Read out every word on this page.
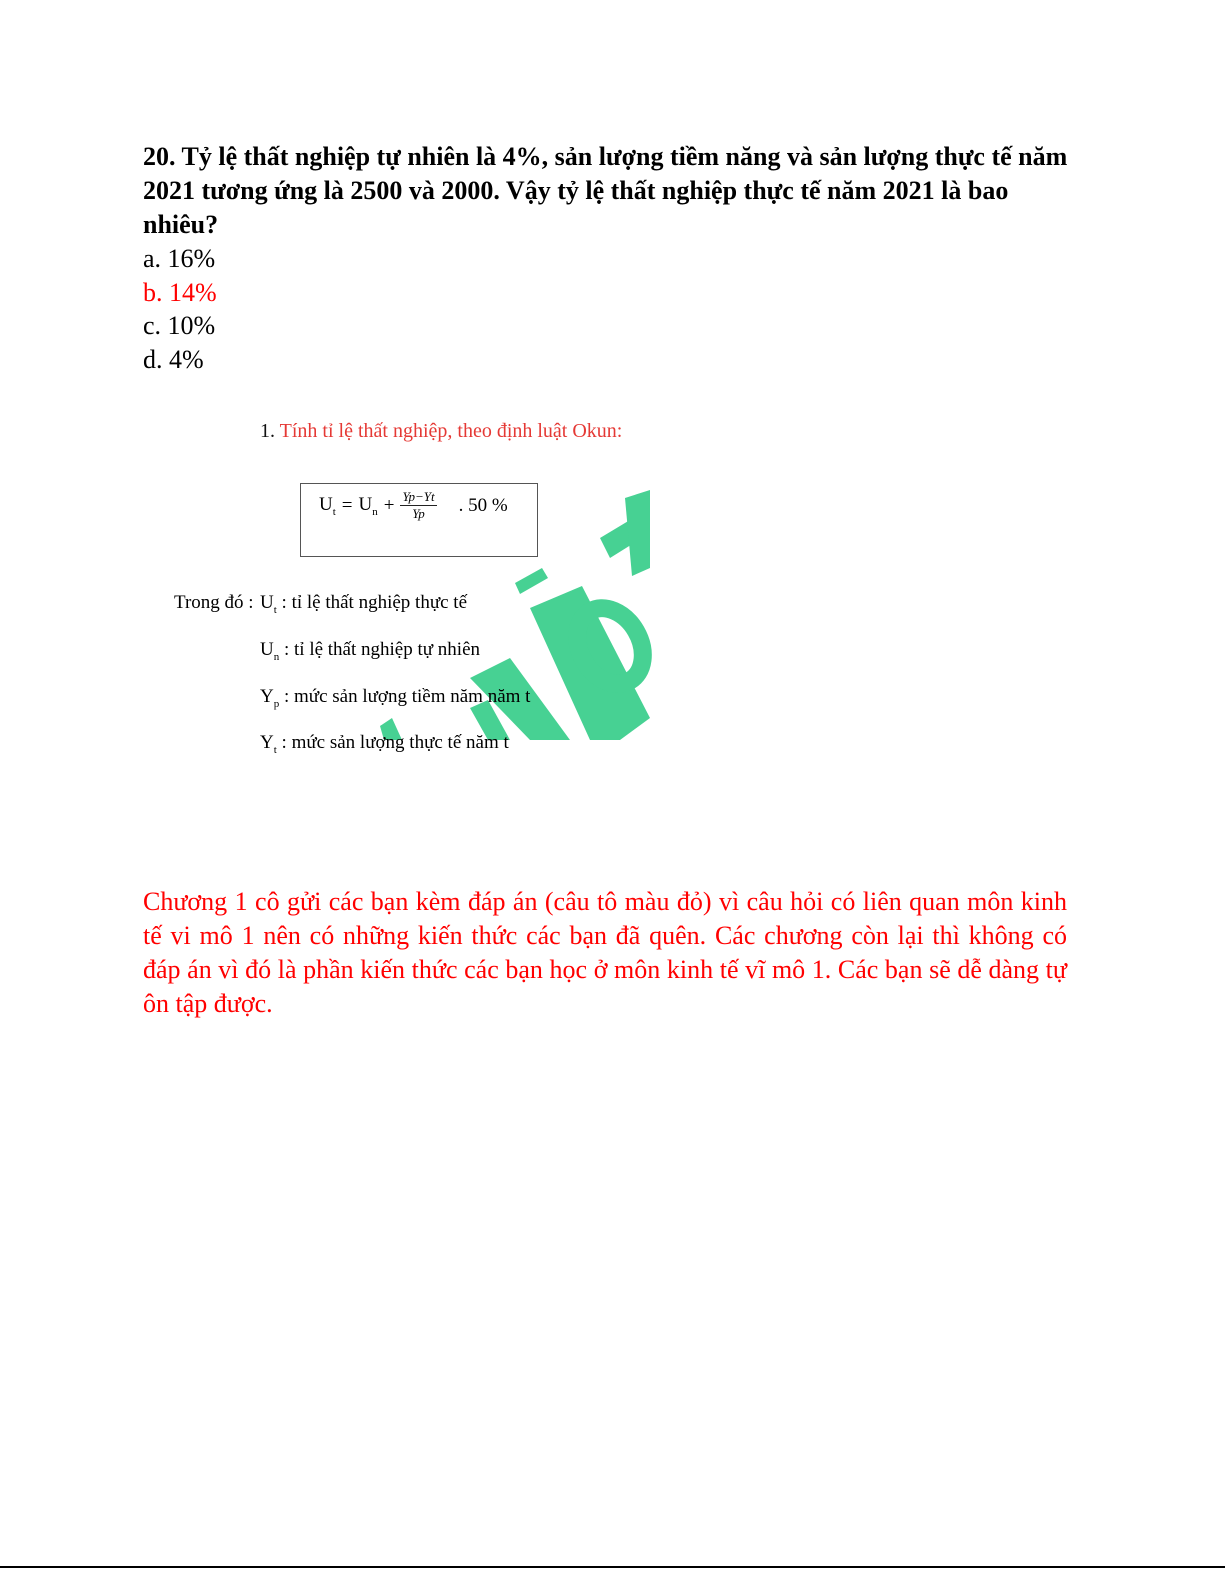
20. Tỷ lệ thất nghiệp tự nhiên là 4%, sản lượng tiềm năng và sản lượng thực tế năm 2021 tương ứng là 2500 và 2000. Vậy tỷ lệ thất nghiệp thực tế năm 2021 là bao nhiêu?

a. 16%
b. 14%
c. 10%
d. 4%
1. Tính tỉ lệ thất nghiệp, theo định luật Okun:
$U_t = U_n + \frac{Yp-Yt}{Yp}$ . 50 %
Trong đó : $U_t$ : tỉ lệ thất nghiệp thực tế
$U_n$ : tỉ lệ thất nghiệp tự nhiên
$Y_p$ : mức sản lượng tiềm năm năm t
$Y_t$ : mức sản lượng thực tế năm t

Chương 1 cô gửi các bạn kèm đáp án (câu tô màu đỏ) vì câu hỏi có liên quan môn kinh tế vi mô 1 nên có những kiến thức các bạn đã quên. Các chương còn lại thì không có đáp án vì đó là phần kiến thức các bạn học ở môn kinh tế vĩ mô 1. Các bạn sẽ dễ dàng tự ôn tập được.
